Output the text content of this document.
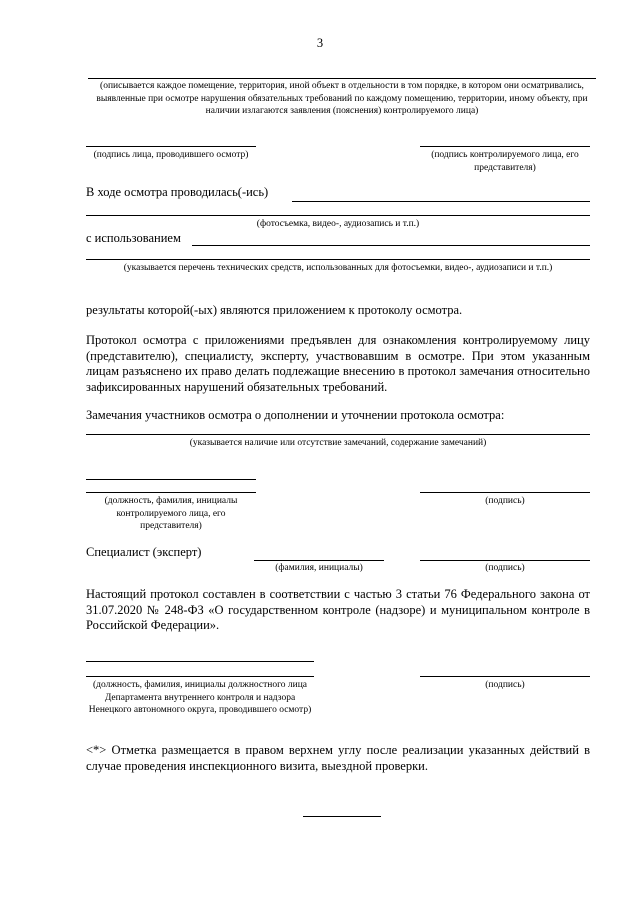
3
(описывается каждое помещение, территория, иной объект в отдельности в том порядке, в котором они осматривались, выявленные при осмотре нарушения обязательных требований по каждому помещению, территории, иному объекту, при наличии излагаются заявления (пояснения) контролируемого лица)
(подпись лица, проводившего осмотр)	(подпись контролируемого лица, его представителя)
В ходе осмотра проводилась(-ись)
(фотосъемка, видео-, аудиозапись и т.п.)
с использованием
(указывается перечень технических средств, использованных для фотосъемки, видео-, аудиозаписи и т.п.)
результаты которой(-ых) являются приложением к протоколу осмотра.
Протокол осмотра с приложениями предъявлен для ознакомления контролируемому лицу (представителю), специалисту, эксперту, участвовавшим в осмотре. При этом указанным лицам разъяснено их право делать подлежащие внесению в протокол замечания относительно зафиксированных нарушений обязательных требований.
Замечания участников осмотра о дополнении и уточнении протокола осмотра:
(указывается наличие или отсутствие замечаний, содержание замечаний)
(должность, фамилия, инициалы контролируемого лица, его представителя)
(подпись)
Специалист (эксперт)
(фамилия, инициалы)	(подпись)
Настоящий протокол составлен в соответствии с частью 3 статьи 76 Федерального закона от 31.07.2020 № 248-ФЗ «О государственном контроле (надзоре) и муниципальном контроле в Российской Федерации».
(должность, фамилия, инициалы должностного лица Департамента внутреннего контроля и надзора Ненецкого автономного округа, проводившего осмотр)
(подпись)
<*> Отметка размещается в правом верхнем углу после реализации указанных действий в случае проведения инспекционного визита, выездной проверки.
